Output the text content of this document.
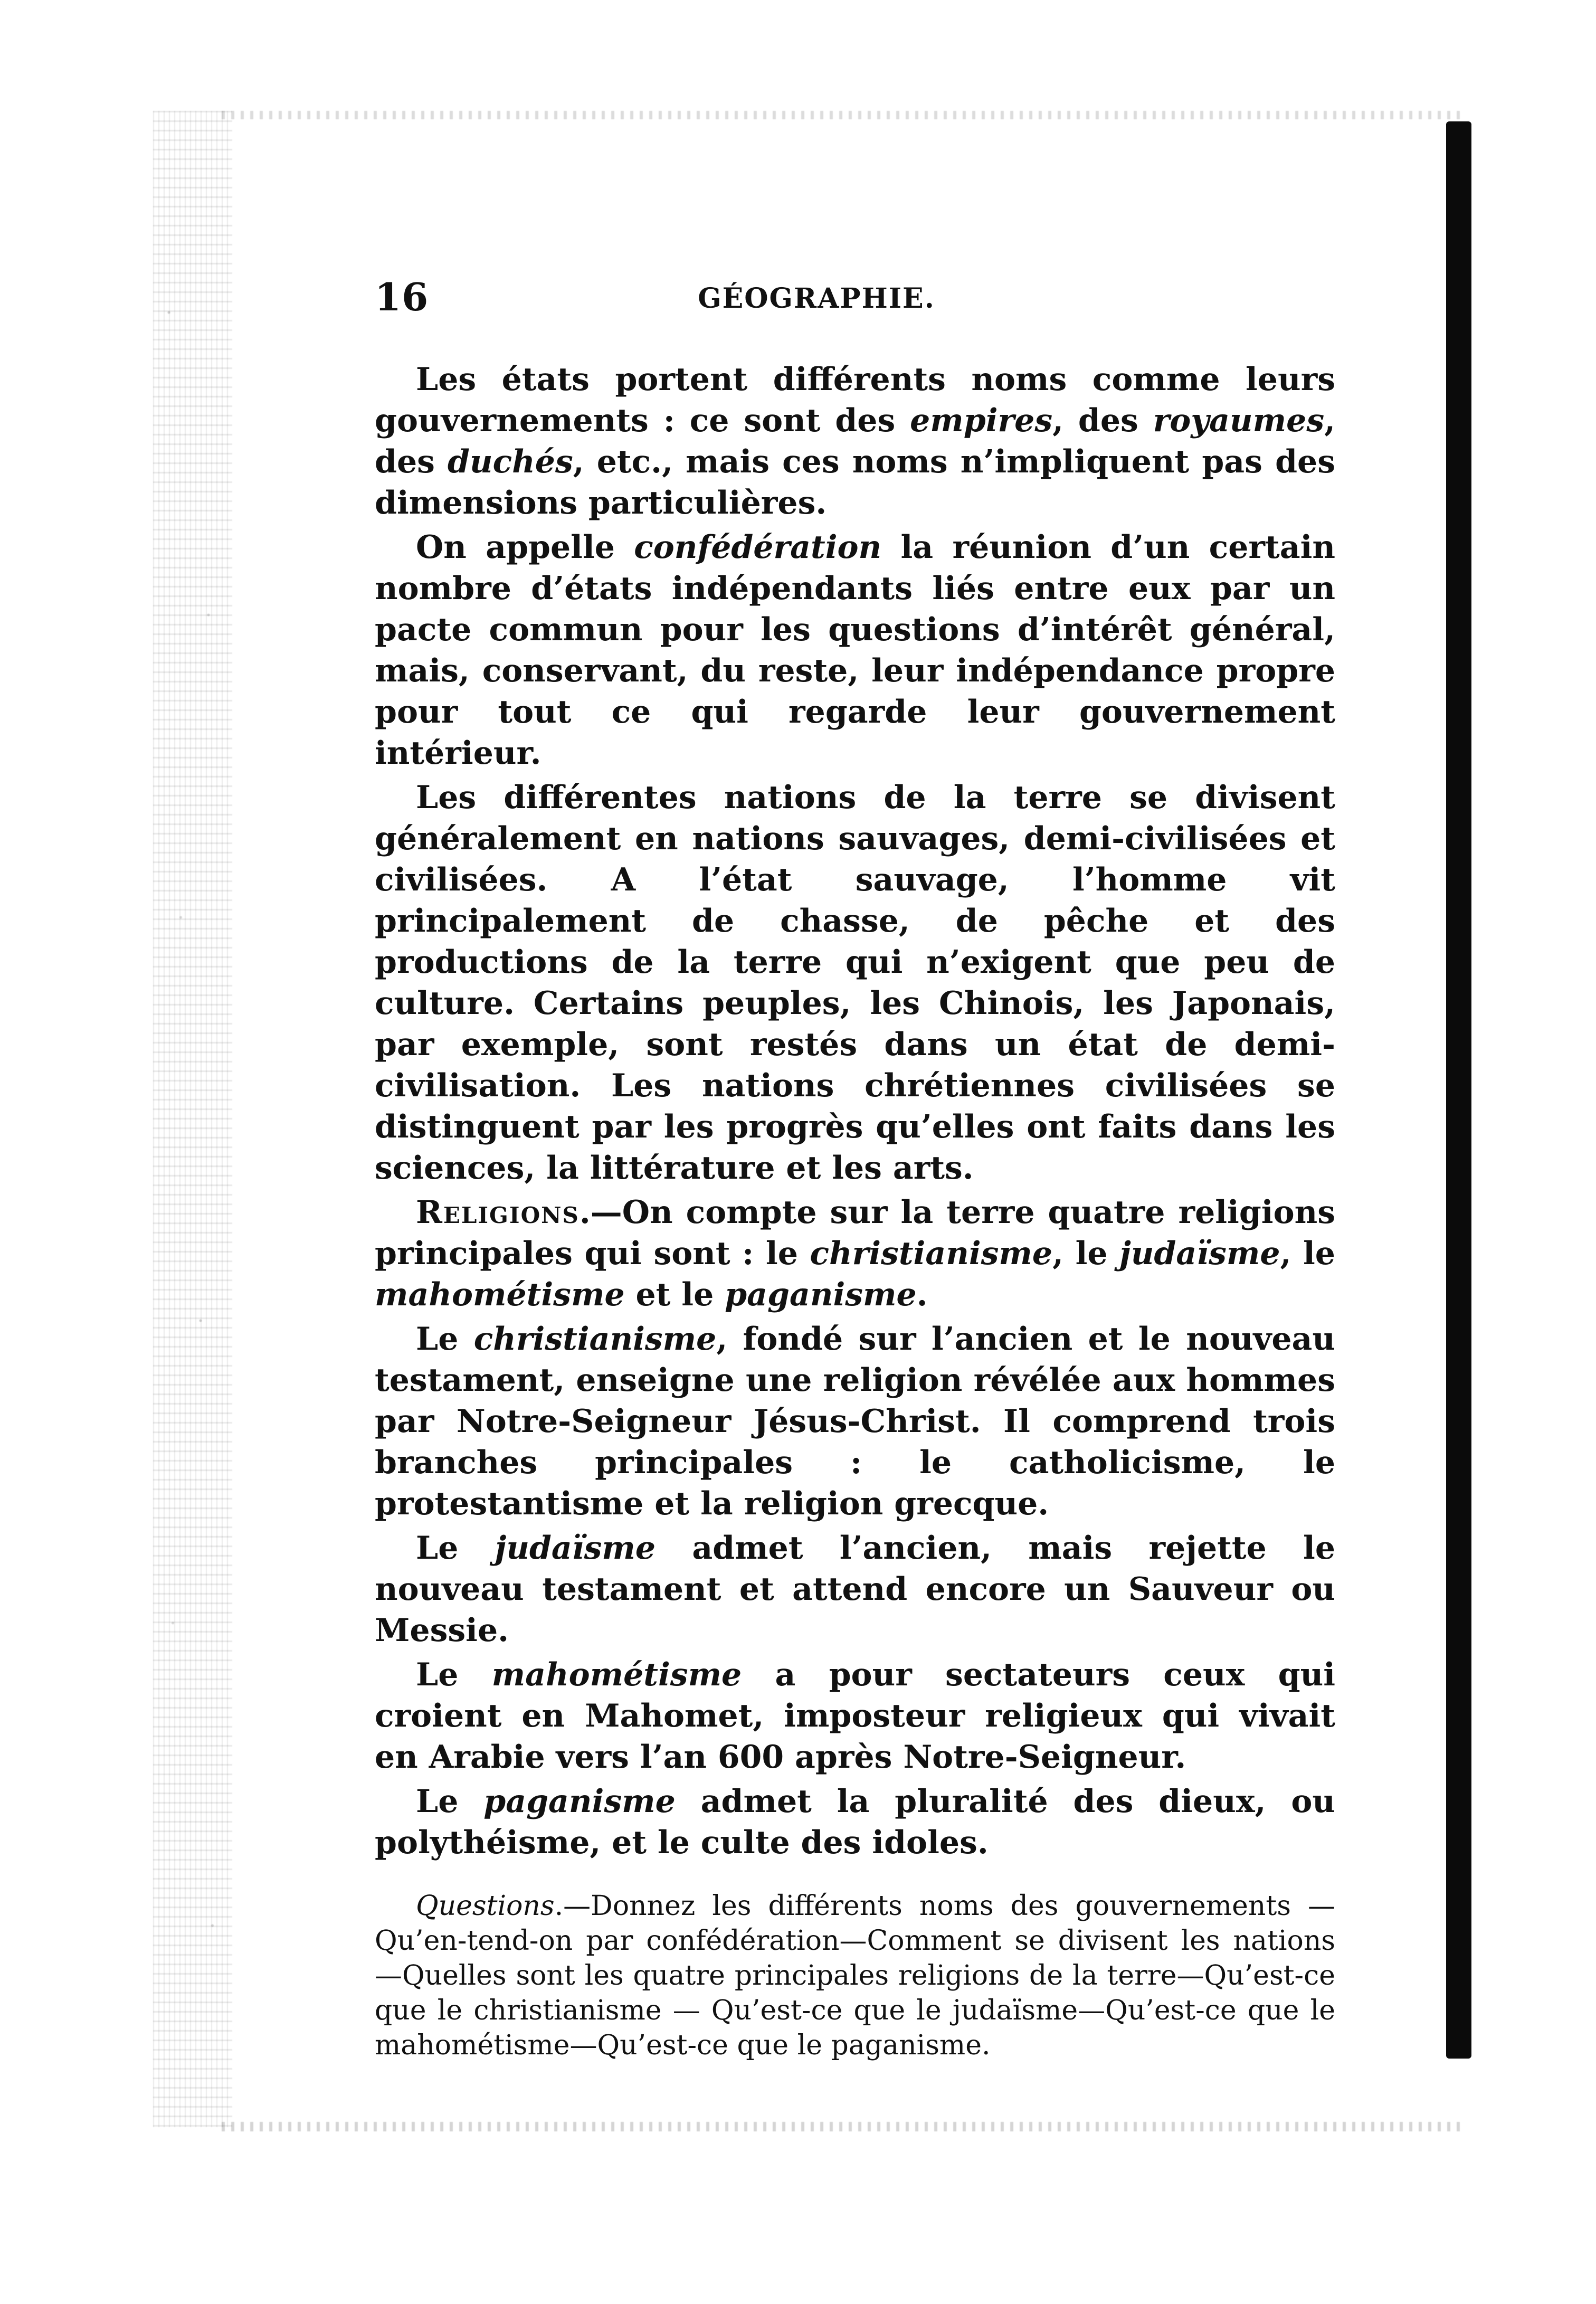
16	GÉOGRAPHIE.

Les états portent différents noms comme leurs gouvernements : ce sont des empires, des royaumes, des duchés, etc., mais ces noms n’impliquent pas des dimensions particulières.

On appelle confédération la réunion d’un certain nombre d’états indépendants liés entre eux par un pacte commun pour les questions d’intérêt général, mais, conservant, du reste, leur indépendance propre pour tout ce qui regarde leur gouvernement intérieur.

Les différentes nations de la terre se divisent généralement en nations sauvages, demi-civilisées et civilisées. A l’état sauvage, l’homme vit principalement de chasse, de pêche et des productions de la terre qui n’exigent que peu de culture. Certains peuples, les Chinois, les Japonais, par exemple, sont restés dans un état de demi-civilisation. Les nations chrétiennes civilisées se distinguent par les progrès qu’elles ont faits dans les sciences, la littérature et les arts.

Religions.—On compte sur la terre quatre religions principales qui sont : le christianisme, le judaïsme, le mahométisme et le paganisme.

Le christianisme, fondé sur l’ancien et le nouveau testament, enseigne une religion révélée aux hommes par Notre-Seigneur Jésus-Christ. Il comprend trois branches principales : le catholicisme, le protestantisme et la religion grecque.

Le judaïsme admet l’ancien, mais rejette le nouveau testament et attend encore un Sauveur ou Messie.

Le mahométisme a pour sectateurs ceux qui croient en Mahomet, imposteur religieux qui vivait en Arabie vers l’an 600 après Notre-Seigneur.

Le paganisme admet la pluralité des dieux, ou polythéisme, et le culte des idoles.

Questions.—Donnez les différents noms des gouvernements —Qu’en-tend-on par confédération—Comment se divisent les nations—Quelles sont les quatre principales religions de la terre—Qu’est-ce que le christianisme — Qu’est-ce que le judaïsme—Qu’est-ce que le mahométisme—Qu’est-ce que le paganisme.
